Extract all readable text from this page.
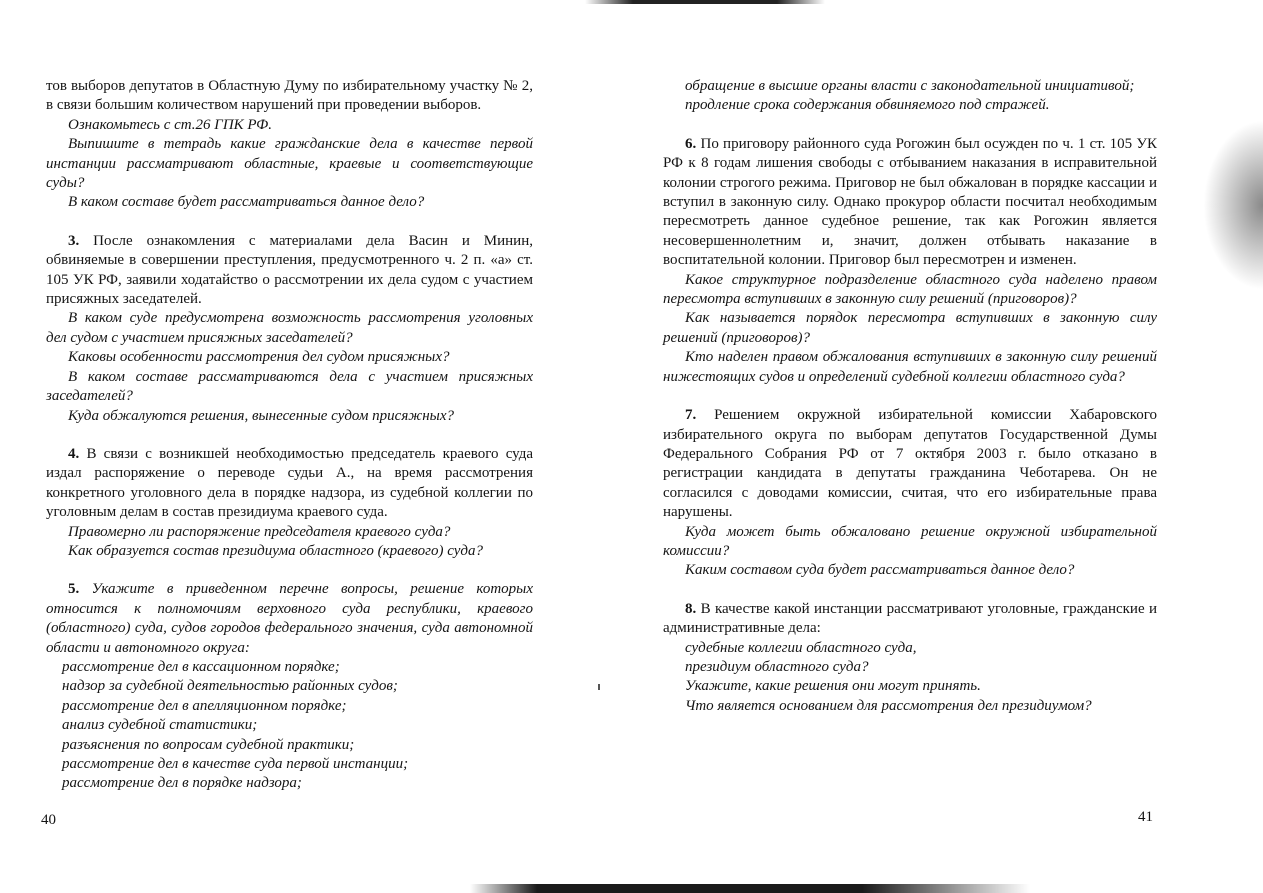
тов выборов депутатов в Областную Думу по избирательному участку № 2, в связи большим количеством нарушений при проведении выборов.

Ознакомьтесь с ст.26 ГПК РФ.

Выпишите в тетрадь какие гражданские дела в качестве первой инстанции рассматривают областные, краевые и соответствующие суды?

В каком составе будет рассматриваться данное дело?

3. После ознакомления с материалами дела Васин и Минин, обвиняемые в совершении преступления, предусмотренного ч. 2 п. «а» ст. 105 УК РФ, заявили ходатайство о рассмотрении их дела судом с участием присяжных заседателей.

В каком суде предусмотрена возможность рассмотрения уголовных дел судом с участием присяжных заседателей?

Каковы особенности рассмотрения дел судом присяжных?

В каком составе рассматриваются дела с участием присяжных заседателей?

Куда обжалуются решения, вынесенные судом присяжных?

4. В связи с возникшей необходимостью председатель краевого суда издал распоряжение о переводе судьи А., на время рассмотрения конкретного уголовного дела в порядке надзора, из судебной коллегии по уголовным делам в состав президиума краевого суда.

Правомерно ли распоряжение председателя краевого суда?

Как образуется состав президиума областного (краевого) суда?

5. Укажите в приведенном перечне вопросы, решение которых относится к полномочиям верховного суда республики, краевого (областного) суда, судов городов федерального значения, суда автономной области и автономного округа:

рассмотрение дел в кассационном порядке;

надзор за судебной деятельностью районных судов;

рассмотрение дел в апелляционном порядке;

анализ судебной статистики;

разъяснения по вопросам судебной практики;

рассмотрение дел в качестве суда первой инстанции;

рассмотрение дел в порядке надзора;

40

обращение в высшие органы власти с законодательной инициативой;

продление срока содержания обвиняемого под стражей.

6. По приговору районного суда Рогожин был осужден по ч. 1 ст. 105 УК РФ к 8 годам лишения свободы с отбыванием наказания в исправительной колонии строгого режима. Приговор не был обжалован в порядке кассации и вступил в законную силу. Однако прокурор области посчитал необходимым пересмотреть данное судебное решение, так как Рогожин является несовершеннолетним и, значит, должен отбывать наказание в воспитательной колонии. Приговор был пересмотрен и изменен.

Какое структурное подразделение областного суда наделено правом пересмотра вступивших в законную силу решений (приговоров)?

Как называется порядок пересмотра вступивших в законную силу решений (приговоров)?

Кто наделен правом обжалования вступивших в законную силу решений нижестоящих судов и определений судебной коллегии областного суда?

7. Решением окружной избирательной комиссии Хабаровского избирательного округа по выборам депутатов Государственной Думы Федерального Собрания РФ от 7 октября 2003 г. было отказано в регистрации кандидата в депутаты гражданина Чеботарева. Он не согласился с доводами комиссии, считая, что его избирательные права нарушены.

Куда может быть обжаловано решение окружной избирательной комиссии?

Каким составом суда будет рассматриваться данное дело?

8. В качестве какой инстанции рассматривают уголовные, гражданские и административные дела:

судебные коллегии областного суда,

президиум областного суда?

Укажите, какие решения они могут принять.

Что является основанием для рассмотрения дел президиумом?

41
